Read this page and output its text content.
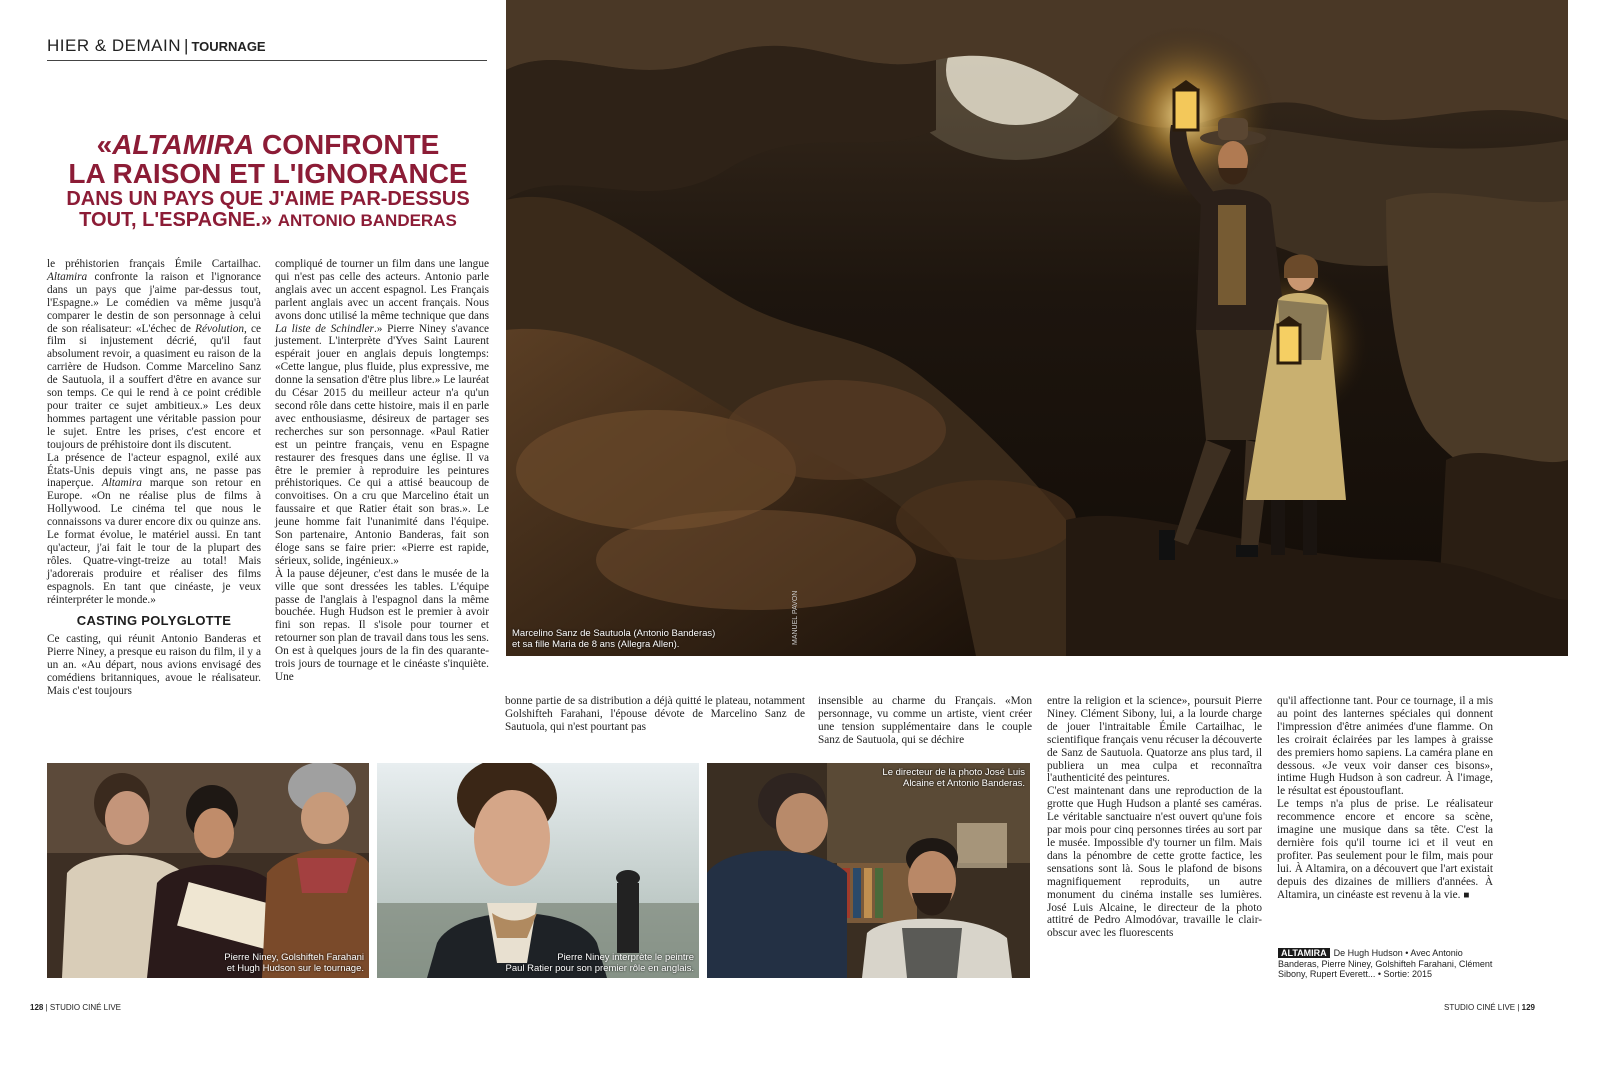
HIER & DEMAIN | TOURNAGE
«ALTAMIRA CONFRONTE
LA RAISON ET L'IGNORANCE
DANS UN PAYS QUE J'AIME PAR-DESSUS
TOUT, L'ESPAGNE.» ANTONIO BANDERAS

le préhistorien français Émile Cartailhac. Altamira confronte la raison et l'ignorance dans un pays que j'aime par-dessus tout, l'Espagne.» Le comédien va même jusqu'à comparer le destin de son personnage à celui de son réalisateur: «L'échec de Révolution, ce film si injustement décrié, qu'il faut absolument revoir, a quasiment eu raison de la carrière de Hudson. Comme Marcelino Sanz de Sautuola, il a souffert d'être en avance sur son temps. Ce qui le rend à ce point crédible pour traiter ce sujet ambitieux.» Les deux hommes partagent une véritable passion pour le sujet. Entre les prises, c'est encore et toujours de préhistoire dont ils discutent.

La présence de l'acteur espagnol, exilé aux États-Unis depuis vingt ans, ne passe pas inaperçue. Altamira marque son retour en Europe. «On ne réalise plus de films à Hollywood. Le cinéma tel que nous le connaissons va durer encore dix ou quinze ans. Le format évolue, le matériel aussi. En tant qu'acteur, j'ai fait le tour de la plupart des rôles. Quatre-vingt-treize au total! Mais j'adorerais produire et réaliser des films espagnols. En tant que cinéaste, je veux réinterpréter le monde.»

CASTING POLYGLOTTE

Ce casting, qui réunit Antonio Banderas et Pierre Niney, a presque eu raison du film, il y a un an. «Au départ, nous avions envisagé des comédiens britanniques, avoue le réalisateur. Mais c'est toujours

compliqué de tourner un film dans une langue qui n'est pas celle des acteurs. Antonio parle anglais avec un accent espagnol. Les Français parlent anglais avec un accent français. Nous avons donc utilisé la même technique que dans La liste de Schindler.» Pierre Niney s'avance justement. L'interprète d'Yves Saint Laurent espérait jouer en anglais depuis longtemps: «Cette langue, plus fluide, plus expressive, me donne la sensation d'être plus libre.» Le lauréat du César 2015 du meilleur acteur n'a qu'un second rôle dans cette histoire, mais il en parle avec enthousiasme, désireux de partager ses recherches sur son personnage. «Paul Ratier est un peintre français, venu en Espagne restaurer des fresques dans une église. Il va être le premier à reproduire les peintures préhistoriques. Ce qui a attisé beaucoup de convoitises. On a cru que Marcelino était un faussaire et que Ratier était son bras.». Le jeune homme fait l'unanimité dans l'équipe. Son partenaire, Antonio Banderas, fait son éloge sans se faire prier: «Pierre est rapide, sérieux, solide, ingénieux.»

À la pause déjeuner, c'est dans le musée de la ville que sont dressées les tables. L'équipe passe de l'anglais à l'espagnol dans la même bouchée. Hugh Hudson est le premier à avoir fini son repas. Il s'isole pour tourner et retourner son plan de travail dans tous les sens. On est à quelques jours de la fin des quarante-trois jours de tournage et le cinéaste s'inquiète. Une

Marcelino Sanz de Sautuola (Antonio Banderas)
et sa fille Maria de 8 ans (Allegra Allen).	MANUEL PAVON

bonne partie de sa distribution a déjà quitté le plateau, notamment Golshifteh Farahani, l'épouse dévote de Marcelino Sanz de Sautuola, qui n'est pourtant pas

insensible au charme du Français. «Mon personnage, vu comme un artiste, vient créer une tension supplémentaire dans le couple Sanz de Sautuola, qui se déchire

entre la religion et la science», poursuit Pierre Niney. Clément Sibony, lui, a la lourde charge de jouer l'intraitable Émile Cartailhac, le scientifique français venu récuser la découverte de Sanz de Sautuola. Quatorze ans plus tard, il publiera un mea culpa et reconnaîtra l'authenticité des peintures.

C'est maintenant dans une reproduction de la grotte que Hugh Hudson a planté ses caméras. Le véritable sanctuaire n'est ouvert qu'une fois par mois pour cinq personnes tirées au sort par le musée. Impossible d'y tourner un film. Mais dans la pénombre de cette grotte factice, les sensations sont là. Sous le plafond de bisons magnifiquement reproduits, un autre monument du cinéma installe ses lumières. José Luis Alcaine, le directeur de la photo attitré de Pedro Almodóvar, travaille le clair-obscur avec les fluorescents

qu'il affectionne tant. Pour ce tournage, il a mis au point des lanternes spéciales qui donnent l'impression d'être animées d'une flamme. On les croirait éclairées par les lampes à graisse des premiers homo sapiens. La caméra plane en dessous. «Je veux voir danser ces bisons», intime Hugh Hudson à son cadreur. À l'image, le résultat est époustouflant.

Le temps n'a plus de prise. Le réalisateur recommence encore et encore sa scène, imagine une musique dans sa tête. C'est la dernière fois qu'il tourne ici et il veut en profiter. Pas seulement pour le film, mais pour lui. À Altamira, on a découvert que l'art existait depuis des dizaines de milliers d'années. À Altamira, un cinéaste est revenu à la vie. ■

Pierre Niney, Golshifteh Farahani
et Hugh Hudson sur le tournage.
Pierre Niney interprète le peintre
Paul Ratier pour son premier rôle en anglais.
Le directeur de la photo José Luis
Alcaine et Antonio Banderas.
ALTAMIRA De Hugh Hudson • Avec Antonio Banderas, Pierre Niney, Golshifteh Farahani, Clément Sibony, Rupert Everett... • Sortie: 2015
128 | STUDIO CINÉ LIVE	STUDIO CINÉ LIVE | 129
